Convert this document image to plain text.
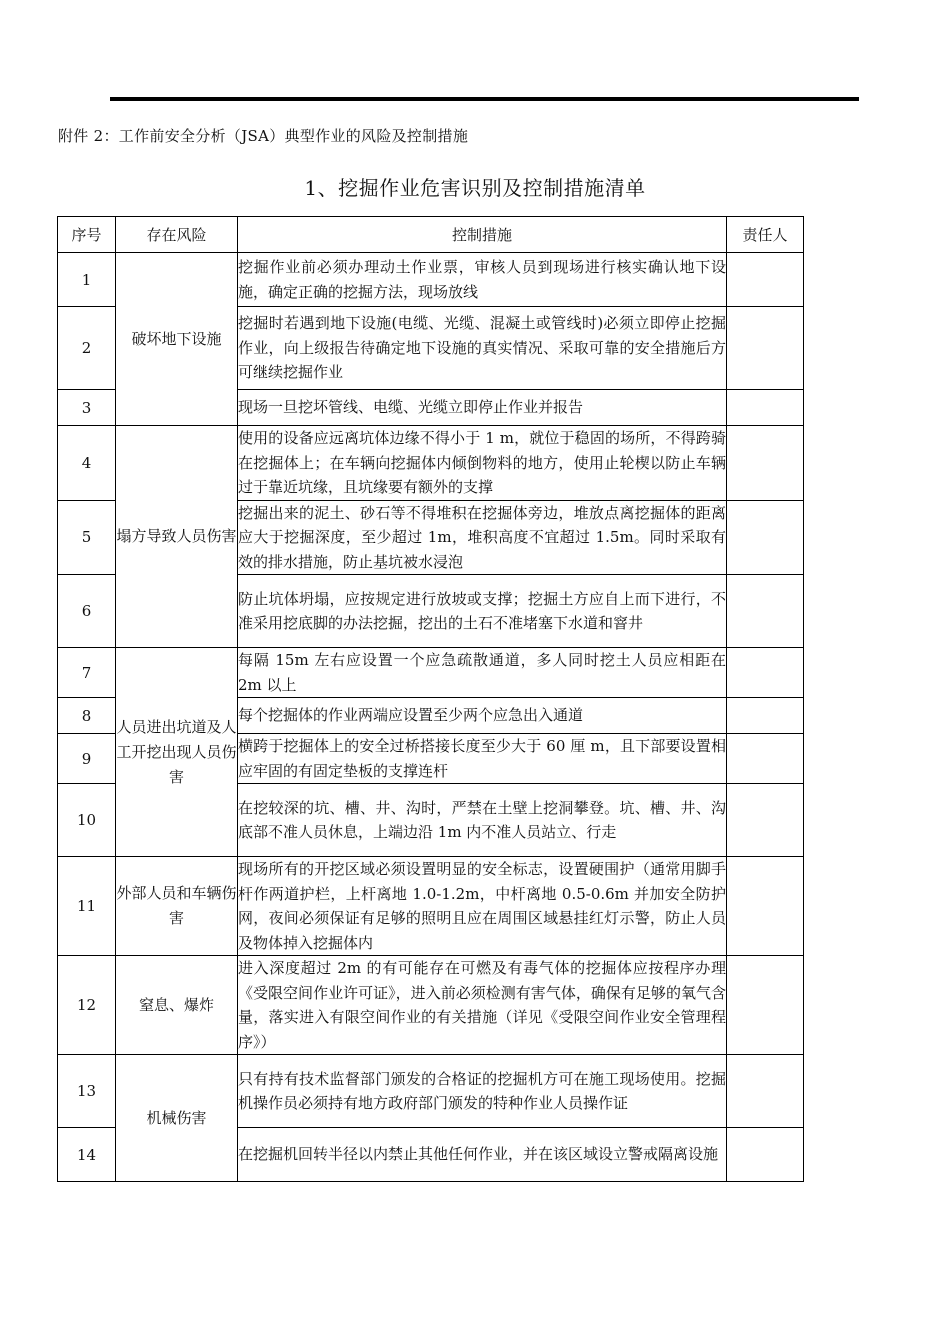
附件 2：工作前安全分析（JSA）典型作业的风险及控制措施
1、挖掘作业危害识别及控制措施清单
序号	存在风险	控制措施	责任人
1	破坏地下设施	挖掘作业前必须办理动土作业票，审核人员到现场进行核实确认地下设施，确定正确的挖掘方法，现场放线	
2		挖掘时若遇到地下设施(电缆、光缆、混凝土或管线时)必须立即停止挖掘作业，向上级报告待确定地下设施的真实情况、采取可靠的安全措施后方可继续挖掘作业	
3		现场一旦挖坏管线、电缆、光缆立即停止作业并报告	
4	塌方导致人员伤害	使用的设备应远离坑体边缘不得小于 1 m，就位于稳固的场所，不得跨骑在挖掘体上；在车辆向挖掘体内倾倒物料的地方，使用止轮楔以防止车辆过于靠近坑缘，且坑缘要有额外的支撑	
5		挖掘出来的泥土、砂石等不得堆积在挖掘体旁边，堆放点离挖掘体的距离应大于挖掘深度，至少超过 1m，堆积高度不宜超过 1.5m。同时采取有效的排水措施，防止基坑被水浸泡	
6		防止坑体坍塌，应按规定进行放坡或支撑；挖掘土方应自上而下进行，不准采用挖底脚的办法挖掘，挖出的土石不准堵塞下水道和窨井	
7	人员进出坑道及人工开挖出现人员伤害	每隔 15m 左右应设置一个应急疏散通道，多人同时挖土人员应相距在 2m 以上	
8		每个挖掘体的作业两端应设置至少两个应急出入通道	
9		横跨于挖掘体上的安全过桥搭接长度至少大于 60 厘 m，且下部要设置相应牢固的有固定垫板的支撑连杆	
10		在挖较深的坑、槽、井、沟时，严禁在土壁上挖洞攀登。坑、槽、井、沟底部不准人员休息，上端边沿 1m 内不准人员站立、行走	
11	外部人员和车辆伤害	现场所有的开挖区域必须设置明显的安全标志，设置硬围护（通常用脚手杆作两道护栏，上杆离地 1.0-1.2m，中杆离地 0.5-0.6m 并加安全防护网，夜间必须保证有足够的照明且应在周围区域悬挂红灯示警，防止人员及物体掉入挖掘体内	
12	窒息、爆炸	进入深度超过 2m 的有可能存在可燃及有毒气体的挖掘体应按程序办理《受限空间作业许可证》，进入前必须检测有害气体，确保有足够的氧气含量，落实进入有限空间作业的有关措施（详见《受限空间作业安全管理程序》）	
13	机械伤害	只有持有技术监督部门颁发的合格证的挖掘机方可在施工现场使用。挖掘机操作员必须持有地方政府部门颁发的特种作业人员操作证	
14		在挖掘机回转半径以内禁止其他任何作业，并在该区域设立警戒隔离设施	
